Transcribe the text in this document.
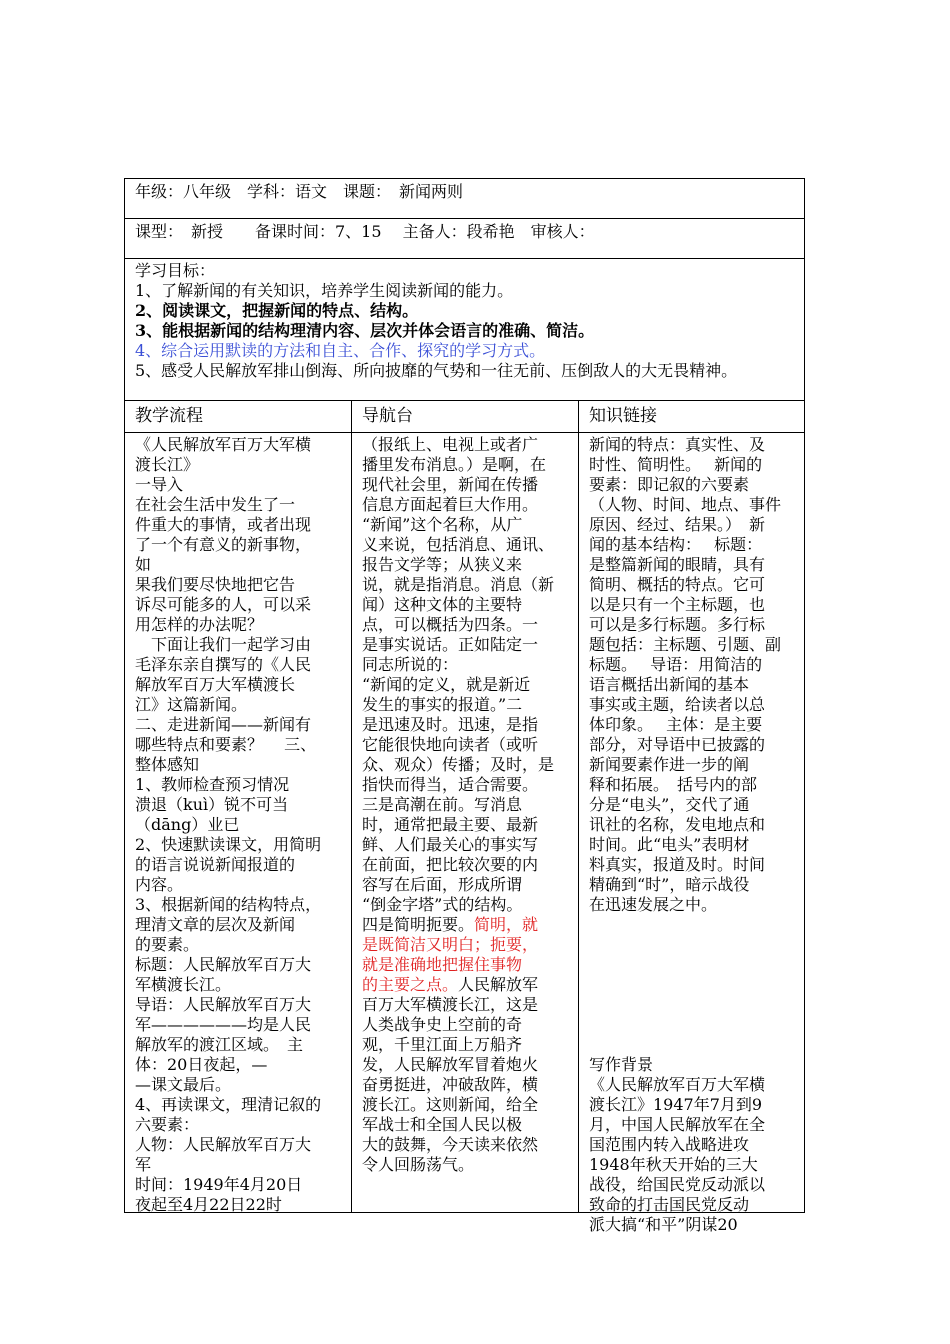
年级：八年级　学科：语文　课题：　新闻两则
课型：　新授　　备课时间：7、15　 主备人：段希艳　审核人：
学习目标：
1、了解新闻的有关知识，培养学生阅读新闻的能力。
2、阅读课文，把握新闻的特点、结构。
3、能根据新闻的结构理清内容、层次并体会语言的准确、简洁。
4、综合运用默读的方法和自主、合作、探究的学习方式。
5、感受人民解放军排山倒海、所向披靡的气势和一往无前、压倒敌人的大无畏精神。
教学流程	导航台	知识链接
《人民解放军百万大军横
渡长江》
一导入
在社会生活中发生了一
件重大的事情，或者出现
了一个有意义的新事物，
如
果我们要尽快地把它告
诉尽可能多的人，可以采
用怎样的办法呢？
　下面让我们一起学习由
毛泽东亲自撰写的《人民
解放军百万大军横渡长
江》这篇新闻。
二、走进新闻——新闻有
哪些特点和要素？　 三、
整体感知
1、教师检查预习情况
溃退（kuì）锐不可当
（dāng）业已
2、快速默读课文，用简明
的语言说说新闻报道的
内容。
3、根据新闻的结构特点，
理清文章的层次及新闻
的要素。
标题：人民解放军百万大
军横渡长江。
导语：人民解放军百万大
军——————均是人民
解放军的渡江区域。　主
体：20日夜起，—
—课文最后。
4、再读课文，理清记叙的
六要素：
人物：人民解放军百万大
军
时间：1949年4月20日
夜起至4月22日22时
（报纸上、电视上或者广
播里发布消息。）是啊，在
现代社会里，新闻在传播
信息方面起着巨大作用。
“新闻”这个名称，从广
义来说，包括消息、通讯、
报告文学等；从狭义来
说，就是指消息。消息（新
闻）这种文体的主要特
点，可以概括为四条。一
是事实说话。正如陆定一
同志所说的：
“新闻的定义，就是新近
发生的事实的报道。”二
是迅速及时。迅速，是指
它能很快地向读者（或听
众、观众）传播；及时，是
指快而得当，适合需要。
三是高潮在前。写消息
时，通常把最主要、最新
鲜、人们最关心的事实写
在前面，把比较次要的内
容写在后面，形成所谓
“倒金字塔”式的结构。
四是简明扼要。简明，就
是既简洁又明白；扼要，
就是准确地把握住事物
的主要之点。人民解放军
百万大军横渡长江，这是
人类战争史上空前的奇
观，千里江面上万船齐
发，人民解放军冒着炮火
奋勇挺进，冲破敌阵，横
渡长江。这则新闻，给全
军战士和全国人民以极
大的鼓舞，今天读来依然
令人回肠荡气。
新闻的特点：真实性、及
时性、简明性。　 新闻的
要素：即记叙的六要素
（人物、时间、地点、事件
原因、经过、结果。）　新
闻的基本结构：　 标题：
是整篇新闻的眼睛，具有
简明、概括的特点。它可
以是只有一个主标题，也
可以是多行标题。多行标
题包括：主标题、引题、副
标题。　 导语：用简洁的
语言概括出新闻的基本
事实或主题，给读者以总
体印象。　 主体：是主要
部分，对导语中已披露的
新闻要素作进一步的阐
释和拓展。　括号内的部
分是“电头”，交代了通
讯社的名称，发电地点和
时间。此“电头”表明材
料真实，报道及时。时间
精确到“时”，暗示战役
在迅速发展之中。
写作背景
《人民解放军百万大军横
渡长江》1947年7月到9
月，中国人民解放军在全
国范围内转入战略进攻
1948年秋天开始的三大
战役，给国民党反动派以
致命的打击国民党反动
派大搞“和平”阴谋20
